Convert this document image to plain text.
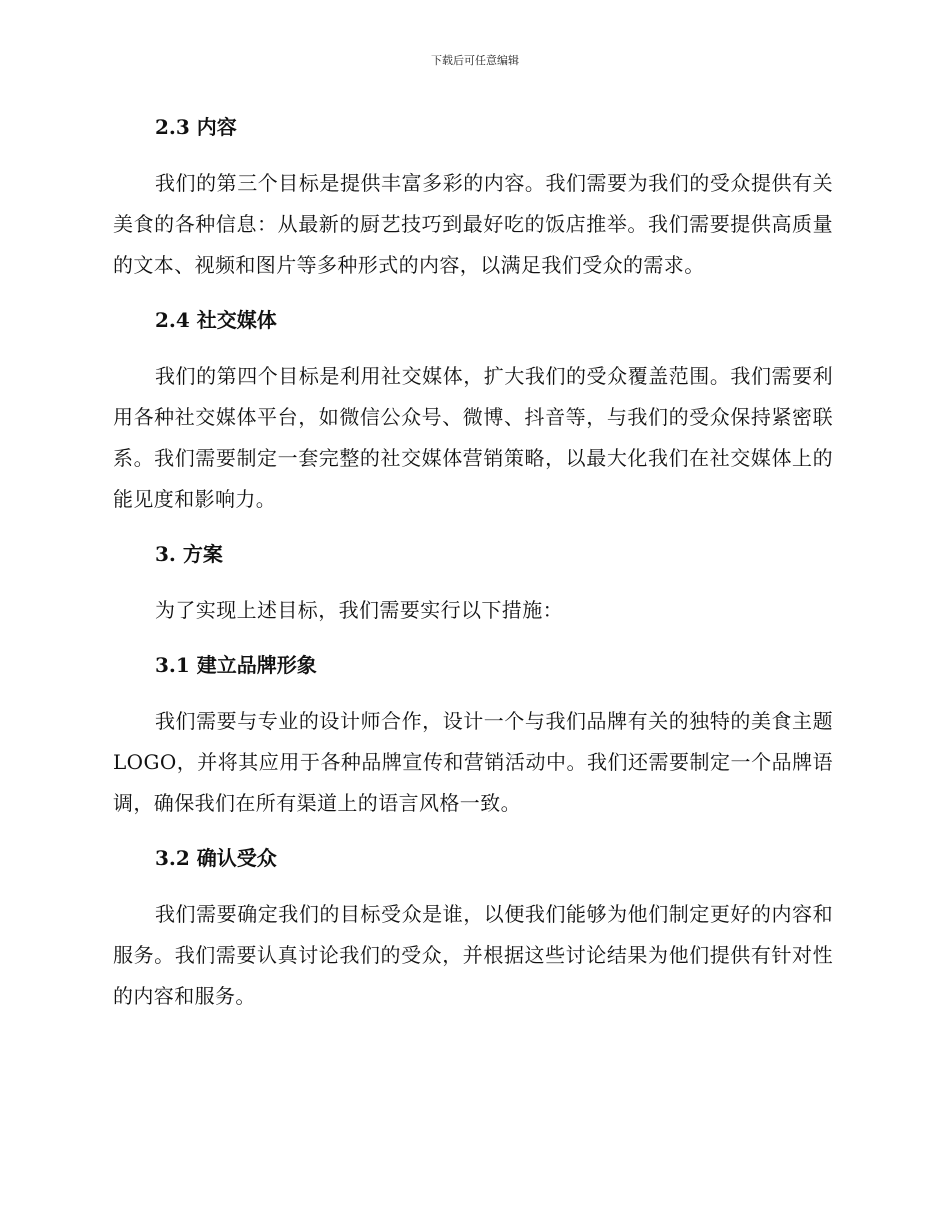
下载后可任意编辑
2.3 内容

我们的第三个目标是提供丰富多彩的内容。我们需要为我们的受众提供有关美食的各种信息：从最新的厨艺技巧到最好吃的饭店推举。我们需要提供高质量的文本、视频和图片等多种形式的内容，以满足我们受众的需求。

2.4 社交媒体

我们的第四个目标是利用社交媒体，扩大我们的受众覆盖范围。我们需要利用各种社交媒体平台，如微信公众号、微博、抖音等，与我们的受众保持紧密联系。我们需要制定一套完整的社交媒体营销策略，以最大化我们在社交媒体上的能见度和影响力。

3. 方案

为了实现上述目标，我们需要实行以下措施：

3.1 建立品牌形象

我们需要与专业的设计师合作，设计一个与我们品牌有关的独特的美食主题LOGO，并将其应用于各种品牌宣传和营销活动中。我们还需要制定一个品牌语调，确保我们在所有渠道上的语言风格一致。

3.2 确认受众

我们需要确定我们的目标受众是谁，以便我们能够为他们制定更好的内容和服务。我们需要认真讨论我们的受众，并根据这些讨论结果为他们提供有针对性的内容和服务。
